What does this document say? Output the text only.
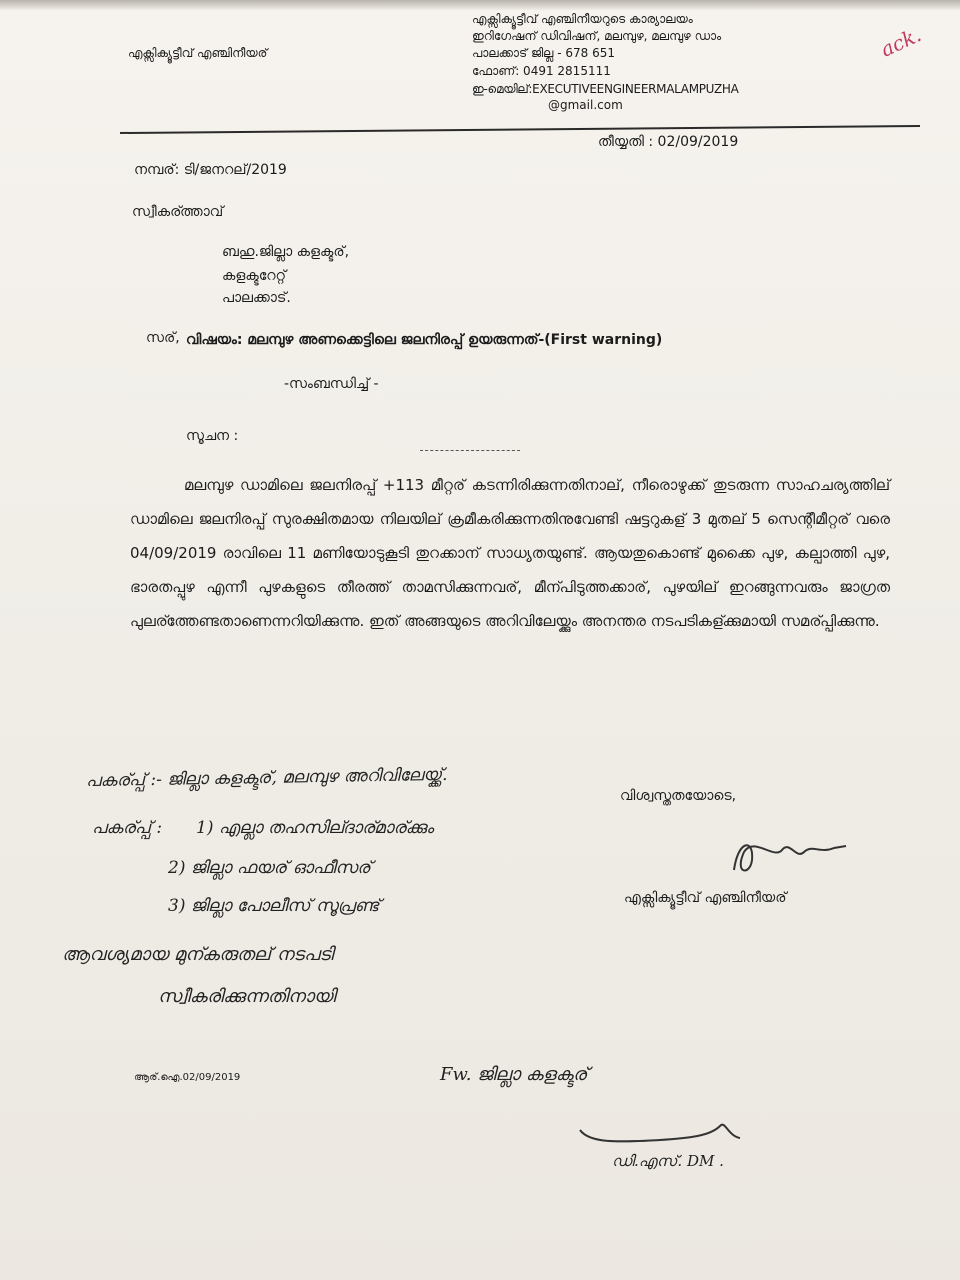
എക്സിക്യൂട്ടീവ് എഞ്ചിനീയര്
എക്സിക്യൂട്ടീവ് എഞ്ചിനീയറുടെ കാര്യാലയം
ഇറിഗേഷന് ഡിവിഷന്, മലമ്പുഴ, മലമ്പുഴ ഡാം
പാലക്കാട് ജില്ല - 678 651
ഫോണ്: 0491 2815111
ഇ-മെയില്:EXECUTIVEENGINEERMALAMPUZHA
@gmail.com
ack.
തീയ്യതി : 02/09/2019
നമ്പര്: ടി/ജനറല്/2019
സ്വീകര്ത്താവ്
ബഹു.ജില്ലാ കളക്ടര്,
കളക്ടറേറ്റ്
പാലക്കാട്.
സര്, വിഷയം: മലമ്പുഴ അണക്കെട്ടിലെ ജലനിരപ്പ് ഉയരുന്നത്-(First warning)
-സംബന്ധിച്ച് -
സൂചന :
മലമ്പുഴ ഡാമിലെ ജലനിരപ്പ് +113 മീറ്റര് കടന്നിരിക്കുന്നതിനാല്, നീരൊഴുക്ക് തുടരുന്ന സാഹചര്യത്തില് ഡാമിലെ ജലനിരപ്പ് സുരക്ഷിതമായ നിലയില് ക്രമീകരിക്കുന്നതിനുവേണ്ടി ഷട്ടറുകള് 3 മുതല് 5 സെന്റീമീറ്റര് വരെ 04/09/2019 രാവിലെ 11 മണിയോടുകൂടി തുറക്കാന് സാധ്യതയുണ്ട്. ആയതുകൊണ്ട് മുക്കൈ പുഴ, കല്പാത്തി പുഴ, ഭാരതപ്പുഴ എന്നീ പുഴകളുടെ തീരത്ത് താമസിക്കുന്നവര്, മീന്പിടുത്തക്കാര്, പുഴയില് ഇറങ്ങുന്നവരും ജാഗ്രത പുലര്ത്തേണ്ടതാണെന്നറിയിക്കുന്നു. ഇത് അങ്ങയുടെ അറിവിലേയ്ക്കും അനന്തര നടപടികള്ക്കുമായി സമര്പ്പിക്കുന്നു.
പകര്പ്പ് :- ജില്ലാ കളക്ടര്, മലമ്പുഴ അറിവിലേയ്ക്ക്.
വിശ്വസ്തതയോടെ,
പകര്പ്പ് : 1) എല്ലാ തഹസില്ദാര്മാര്ക്കും
2) ജില്ലാ ഫയര് ഓഫീസര്
3) ജില്ലാ പോലീസ് സൂപ്രണ്ട്	എക്സിക്യൂട്ടീവ് എഞ്ചിനീയര്
ആവശ്യമായ മുന്കരുതല് നടപടി
സ്വീകരിക്കുന്നതിനായി
ആര്.ഐ.02/09/2019	Fw. ജില്ലാ കളക്ടര്
ഡി.എസ്. DM .
